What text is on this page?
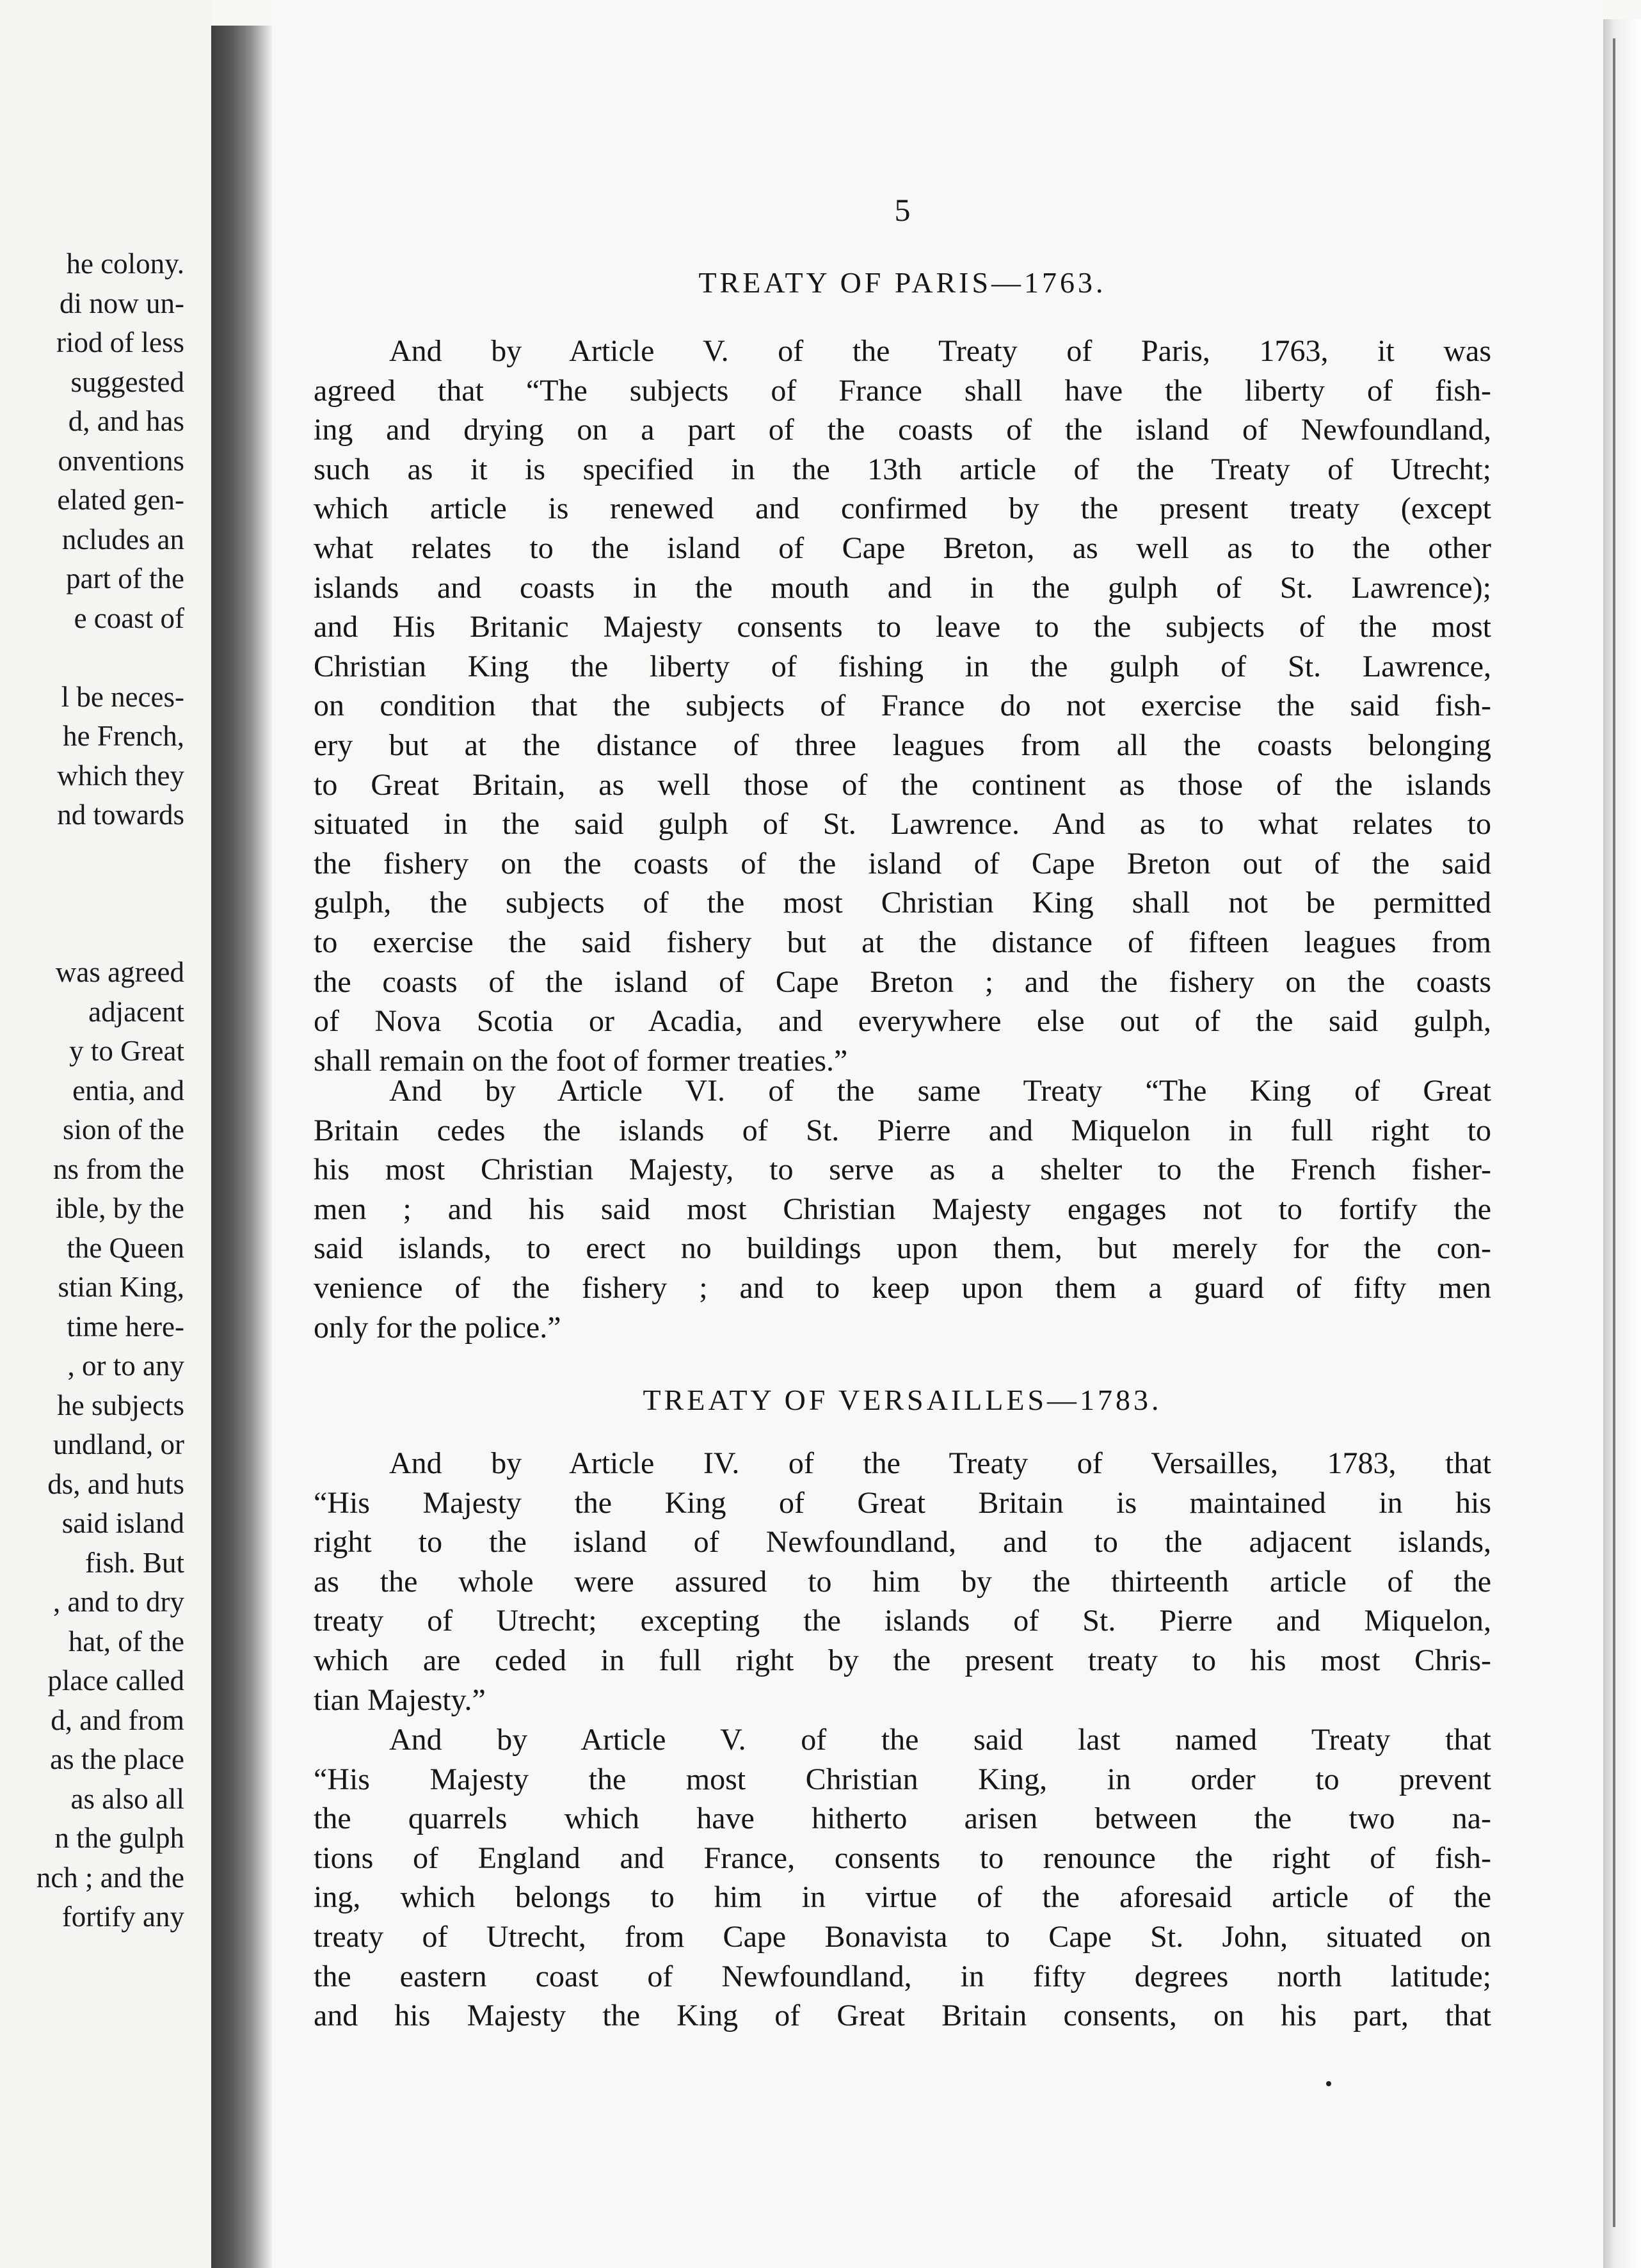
he colony.
di now un-
riod of less
suggested
d, and has
onventions
elated gen-
ncludes an
part of the
e coast of

l be neces-
he French,
which they
nd towards

was agreed
adjacent
y to Great
entia, and
sion of the
ns from the
ible, by the
the Queen
stian King,
time here-
, or to any
he subjects
undland, or
ds, and huts
said island
fish. But
, and to dry
hat, of the
place called
d, and from
as the place
as also all
n the gulph
nch ; and the
fortify any
5
TREATY OF PARIS—1763.
And by Article V. of the Treaty of Paris, 1763, it was
agreed that “The subjects of France shall have the liberty of fish-
ing and drying on a part of the coasts of the island of Newfoundland,
such as it is specified in the 13th article of the Treaty of Utrecht;
which article is renewed and confirmed by the present treaty (except
what relates to the island of Cape Breton, as well as to the other
islands and coasts in the mouth and in the gulph of St. Lawrence);
and His Britanic Majesty consents to leave to the subjects of the most
Christian King the liberty of fishing in the gulph of St. Lawrence,
on condition that the subjects of France do not exercise the said fish-
ery but at the distance of three leagues from all the coasts belonging
to Great Britain, as well those of the continent as those of the islands
situated in the said gulph of St. Lawrence. And as to what relates to
the fishery on the coasts of the island of Cape Breton out of the said
gulph, the subjects of the most Christian King shall not be permitted
to exercise the said fishery but at the distance of fifteen leagues from
the coasts of the island of Cape Breton ; and the fishery on the coasts
of Nova Scotia or Acadia, and everywhere else out of the said gulph,
shall remain on the foot of former treaties.”
And by Article VI. of the same Treaty “The King of Great
Britain cedes the islands of St. Pierre and Miquelon in full right to
his most Christian Majesty, to serve as a shelter to the French fisher-
men ; and his said most Christian Majesty engages not to fortify the
said islands, to erect no buildings upon them, but merely for the con-
venience of the fishery ; and to keep upon them a guard of fifty men
only for the police.”
TREATY OF VERSAILLES—1783.
And by Article IV. of the Treaty of Versailles, 1783, that
“His Majesty the King of Great Britain is maintained in his
right to the island of Newfoundland, and to the adjacent islands,
as the whole were assured to him by the thirteenth article of the
treaty of Utrecht; excepting the islands of St. Pierre and Miquelon,
which are ceded in full right by the present treaty to his most Chris-
tian Majesty.”
And by Article V. of the said last named Treaty that
“His Majesty the most Christian King, in order to prevent
the quarrels which have hitherto arisen between the two na-
tions of England and France, consents to renounce the right of fish-
ing, which belongs to him in virtue of the aforesaid article of the
treaty of Utrecht, from Cape Bonavista to Cape St. John, situated on
the eastern coast of Newfoundland, in fifty degrees north latitude;
and his Majesty the King of Great Britain consents, on his part, that
